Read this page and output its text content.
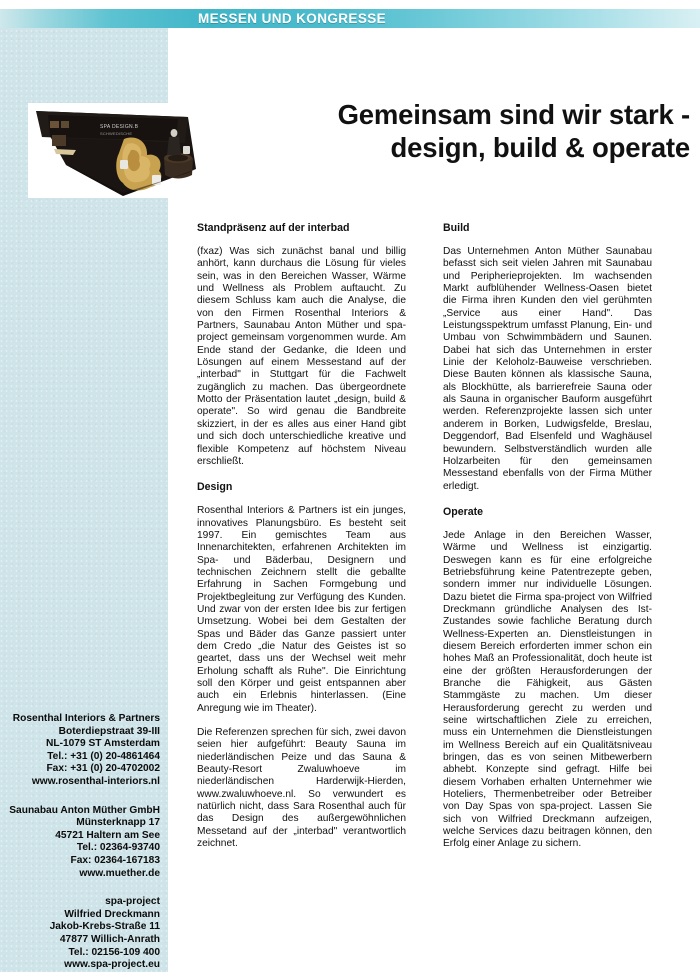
MESSEN UND KONGRESSE
SPA DESIGN.B
SCHWEDISCHE
Gemeinsam sind wir stark -
design, build & operate
Standpräsenz auf der interbad

(fxaz) Was sich zunächst banal und billig anhört, kann durchaus die Lösung für vieles sein, was in den Bereichen Wasser, Wärme und Wellness als Problem auftaucht. Zu diesem Schluss kam auch die Analyse, die von den Firmen Rosenthal Interiors & Partners, Saunabau Anton Müther und spa-project gemeinsam vorgenommen wurde. Am Ende stand der Gedanke, die Ideen und Lösungen auf einem Messestand auf der „interbad" in Stuttgart für die Fachwelt zugänglich zu machen. Das übergeordnete Motto der Präsentation lautet „design, build & operate". So wird genau die Bandbreite skizziert, in der es alles aus einer Hand gibt und sich doch unterschiedliche kreative und flexible Kompetenz auf höchstem Niveau erschließt.

Design

Rosenthal Interiors & Partners ist ein junges, innovatives Planungsbüro. Es besteht seit 1997. Ein gemischtes Team aus Innenarchitekten, erfahrenen Architekten im Spa- und Bäderbau, Designern und technischen Zeichnern stellt die geballte Erfahrung in Sachen Formgebung und Projektbegleitung zur Verfügung des Kunden. Und zwar von der ersten Idee bis zur fertigen Umsetzung. Wobei bei dem Gestalten der Spas und Bäder das Ganze passiert unter dem Credo „die Natur des Geistes ist so geartet, dass uns der Wechsel weit mehr Erholung schafft als Ruhe". Die Einrichtung soll den Körper und geist entspannen aber auch ein Erlebnis hinterlassen. (Eine Anregung wie im Theater).

Die Referenzen sprechen für sich, zwei davon seien hier aufgeführt: Beauty Sauna im niederländischen Peize und das Sauna & Beauty-Resort Zwaluwhoeve im niederländischen Harderwijk-Hierden, www.zwaluwhoeve.nl. So verwundert es natürlich nicht, dass Sara Rosenthal auch für das Design des außergewöhnlichen Messetand auf der „interbad" verantwortlich zeichnet.

Build

Das Unternehmen Anton Müther Saunabau befasst sich seit vielen Jahren mit Saunabau und Peripherieprojekten. Im wachsenden Markt aufblühender Wellness-Oasen bietet die Firma ihren Kunden den viel gerühmten „Service aus einer Hand". Das Leistungsspektrum umfasst Planung, Ein- und Umbau von Schwimmbädern und Saunen. Dabei hat sich das Unternehmen in erster Linie der Keloholz-Bauweise verschrieben. Diese Bauten können als klassische Sauna, als Blockhütte, als barrierefreie Sauna oder als Sauna in organischer Bauform ausgeführt werden. Referenzprojekte lassen sich unter anderem in Borken, Ludwigsfelde, Breslau, Deggendorf, Bad Elsenfeld und Waghäusel bewundern. Selbstverständlich wurden alle Holzarbeiten für den gemeinsamen Messestand ebenfalls von der Firma Müther erledigt.

Operate

Jede Anlage in den Bereichen Wasser, Wärme und Wellness ist einzigartig. Deswegen kann es für eine erfolgreiche Betriebsführung keine Patentrezepte geben, sondern immer nur individuelle Lösungen. Dazu bietet die Firma spa-project von Wilfried Dreckmann gründliche Analysen des Ist-Zustandes sowie fachliche Beratung durch Wellness-Experten an. Dienstleistungen in diesem Bereich erforderten immer schon ein hohes Maß an Professionalität, doch heute ist eine der größten Herausforderungen der Branche die Fähigkeit, aus Gästen Stammgäste zu machen. Um dieser Herausforderung gerecht zu werden und seine wirtschaftlichen Ziele zu erreichen, muss ein Unternehmen die Dienstleistungen im Wellness Bereich auf ein Qualitätsniveau bringen, das es von seinen Mitbewerbern abhebt. Konzepte sind gefragt. Hilfe bei diesem Vorhaben erhalten Unternehmer wie Hoteliers, Thermenbetreiber oder Betreiber von Day Spas von spa-project. Lassen Sie sich von Wilfried Dreckmann aufzeigen, welche Services dazu beitragen können, den Erfolg einer Anlage zu sichern.

Rosenthal Interiors & Partners
Boterdiepstraat 39-III
NL-1079 ST Amsterdam
Tel.: +31 (0) 20-4861464
Fax: +31 (0) 20-4702002
www.rosenthal-interiors.nl
Saunabau Anton Müther GmbH
Münsterknapp 17
45721 Haltern am See
Tel.: 02364-93740
Fax: 02364-167183
www.muether.de
spa-project
Wilfried Dreckmann
Jakob-Krebs-Straße 11
47877 Willich-Anrath
Tel.: 02156-109 400
www.spa-project.eu
